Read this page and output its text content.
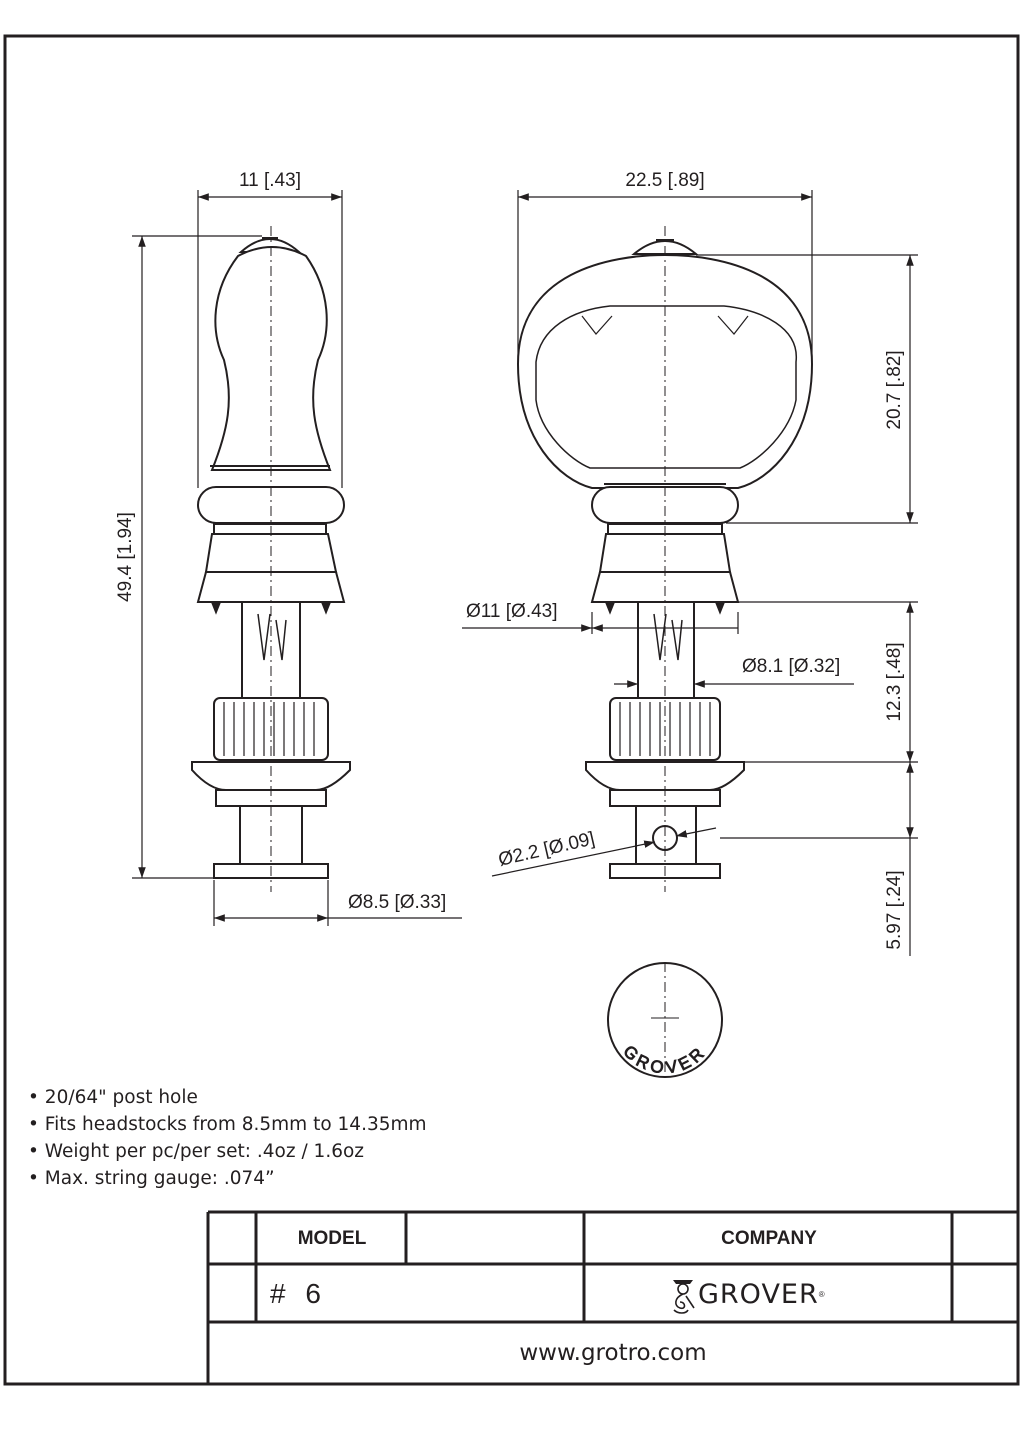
11 [.43]	22.5 [.89]
49.4 [1.94]
20.7 [.82]
Ø11 [Ø.43]
Ø8.1 [Ø.32] 12.3 [.48]
Ø2.2 [Ø.09]
Ø8.5 [Ø.33]	5.97 [.24]
GROVER
• 20/64" post hole
• Fits headstocks from 8.5mm to 14.35mm
• Weight per pc/per set: .4oz / 1.6oz
• Max. string gauge: .074”
MODEL	COMPANY
# 6	GROVER ®
www.grotro.com
